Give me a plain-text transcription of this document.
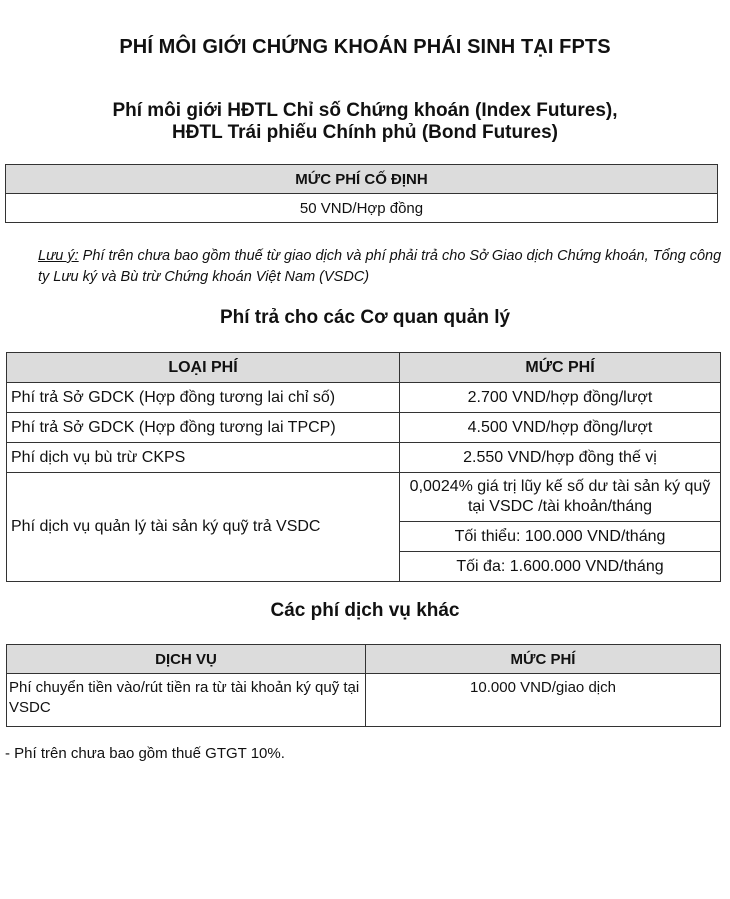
PHÍ MÔI GIỚI CHỨNG KHOÁN PHÁI SINH TẠI FPTS
Phí môi giới HĐTL Chỉ số Chứng khoán (Index Futures),
HĐTL Trái phiếu Chính phủ (Bond Futures)
MỨC PHÍ CỐ ĐỊNH
50 VND/Hợp đồng
Lưu ý: Phí trên chưa bao gồm thuế từ giao dịch và phí phải trả cho Sở Giao dịch Chứng khoán, Tổng công ty Lưu ký và Bù trừ Chứng khoán Việt Nam (VSDC)
Phí trả cho các Cơ quan quản lý
LOẠI PHÍ	MỨC PHÍ
Phí trả Sở GDCK (Hợp đồng tương lai chỉ số)	2.700 VND/hợp đồng/lượt
Phí trả Sở GDCK (Hợp đồng tương lai TPCP)	4.500 VND/hợp đồng/lượt
Phí dịch vụ bù trừ CKPS	2.550 VND/hợp đồng thế vị
Phí dịch vụ quản lý tài sản ký quỹ trả VSDC	0,0024% giá trị lũy kế số dư tài sản ký quỹ tại VSDC /tài khoản/tháng
	Tối thiểu: 100.000 VND/tháng
	Tối đa: 1.600.000 VND/tháng
Các phí dịch vụ khác
DỊCH VỤ	MỨC PHÍ
Phí chuyển tiền vào/rút tiền ra từ tài khoản ký quỹ tại VSDC	10.000 VND/giao dịch
- Phí trên chưa bao gồm thuế GTGT 10%.
